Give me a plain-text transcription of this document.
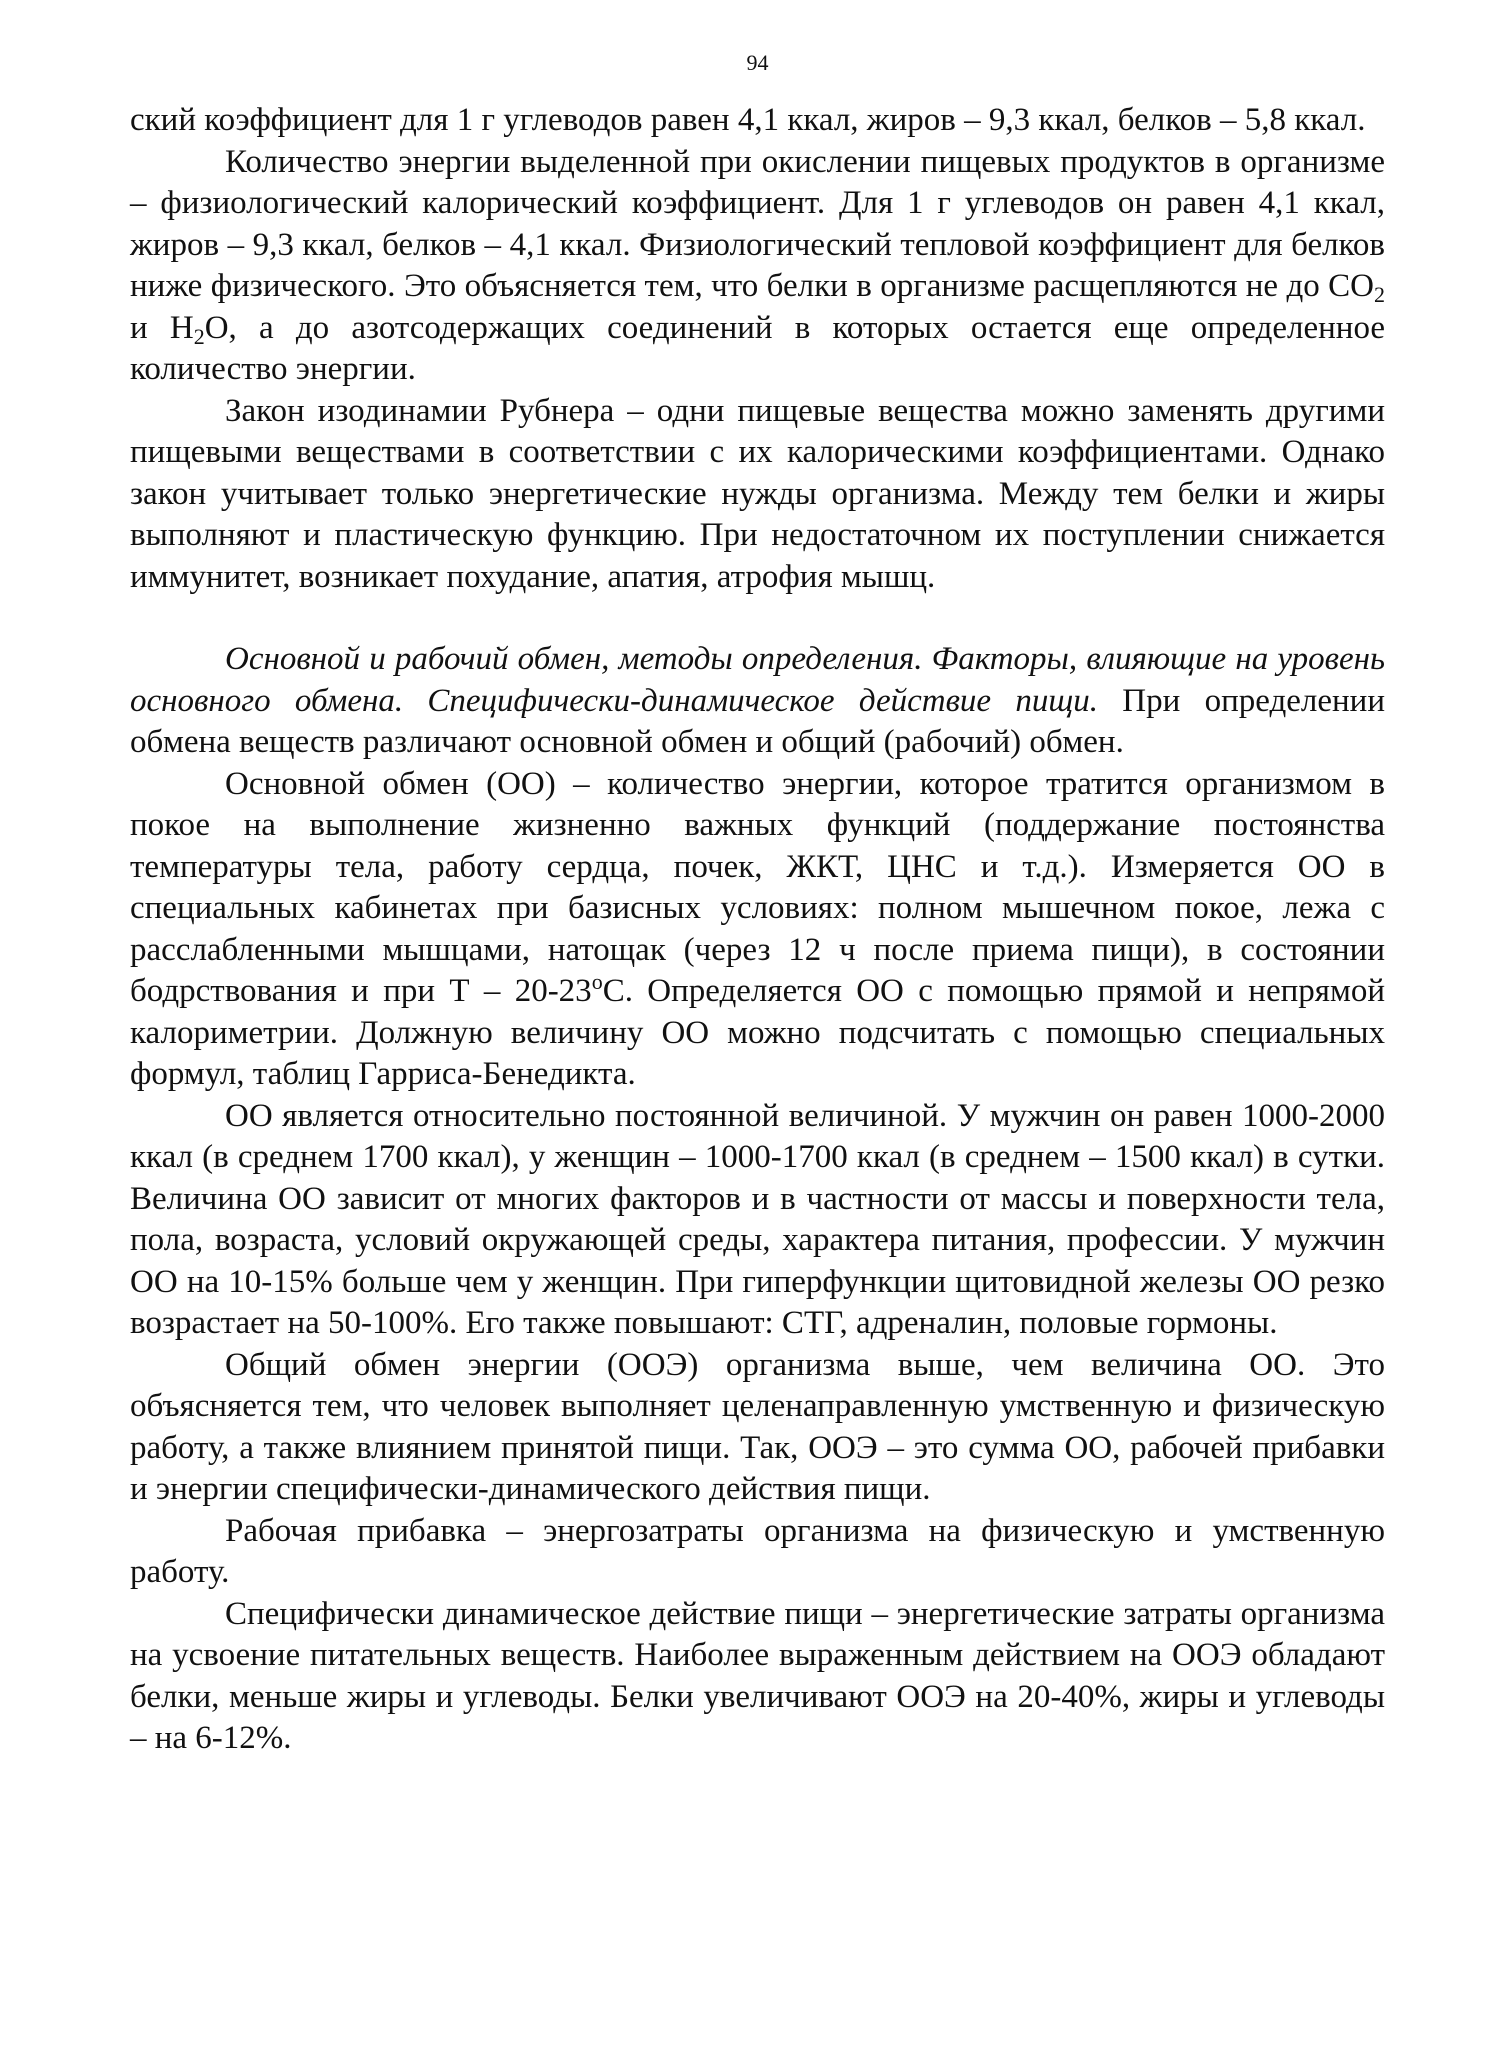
94

ский коэффициент для 1 г углеводов равен 4,1 ккал, жиров – 9,3 ккал, белков – 5,8 ккал.

Количество энергии выделенной при окислении пищевых продуктов в организме – физиологический калорический коэффициент. Для 1 г углеводов он равен 4,1 ккал, жиров – 9,3 ккал, белков – 4,1 ккал. Физиологический тепловой коэффициент для белков ниже физического. Это объясняется тем, что белки в организме расщепляются не до $CO_2$ и $H_2O$, а до азотсодержащих соединений в которых остается еще определенное количество энергии.

Закон изодинамии Рубнера – одни пищевые вещества можно заменять другими пищевыми веществами в соответствии с их калорическими коэффициентами. Однако закон учитывает только энергетические нужды организма. Между тем белки и жиры выполняют и пластическую функцию. При недостаточном их поступлении снижается иммунитет, возникает похудание, апатия, атрофия мышц.

Основной и рабочий обмен, методы определения. Факторы, влияющие на уровень основного обмена. Специфически-динамическое действие пищи. При определении обмена веществ различают основной обмен и общий (рабочий) обмен.

Основной обмен (ОО) – количество энергии, которое тратится организмом в покое на выполнение жизненно важных функций (поддержание постоянства температуры тела, работу сердца, почек, ЖКТ, ЦНС и т.д.). Измеряется ОО в специальных кабинетах при базисных условиях: полном мышечном покое, лежа с расслабленными мышцами, натощак (через 12 ч после приема пищи), в состоянии бодрствования и при Т – 20-23$^o$С. Определяется ОО с помощью прямой и непрямой калориметрии. Должную величину ОО можно подсчитать с помощью специальных формул, таблиц Гарриса-Бенедикта.

ОО является относительно постоянной величиной. У мужчин он равен 1000-2000 ккал (в среднем 1700 ккал), у женщин – 1000-1700 ккал (в среднем – 1500 ккал) в сутки. Величина ОО зависит от многих факторов и в частности от массы и поверхности тела, пола, возраста, условий окружающей среды, характера питания, профессии. У мужчин ОО на 10-15% больше чем у женщин. При гиперфункции щитовидной железы ОО резко возрастает на 50-100%. Его также повышают: СТГ, адреналин, половые гормоны.

Общий обмен энергии (ООЭ) организма выше, чем величина ОО. Это объясняется тем, что человек выполняет целенаправленную умственную и физическую работу, а также влиянием принятой пищи. Так, ООЭ – это сумма ОО, рабочей прибавки и энергии специфически-динамического действия пищи.

Рабочая прибавка – энергозатраты организма на физическую и умственную работу.

Специфически динамическое действие пищи – энергетические затраты организма на усвоение питательных веществ. Наиболее выраженным действием на ООЭ обладают белки, меньше жиры и углеводы. Белки увеличивают ООЭ на 20-40%, жиры и углеводы – на 6-12%.
